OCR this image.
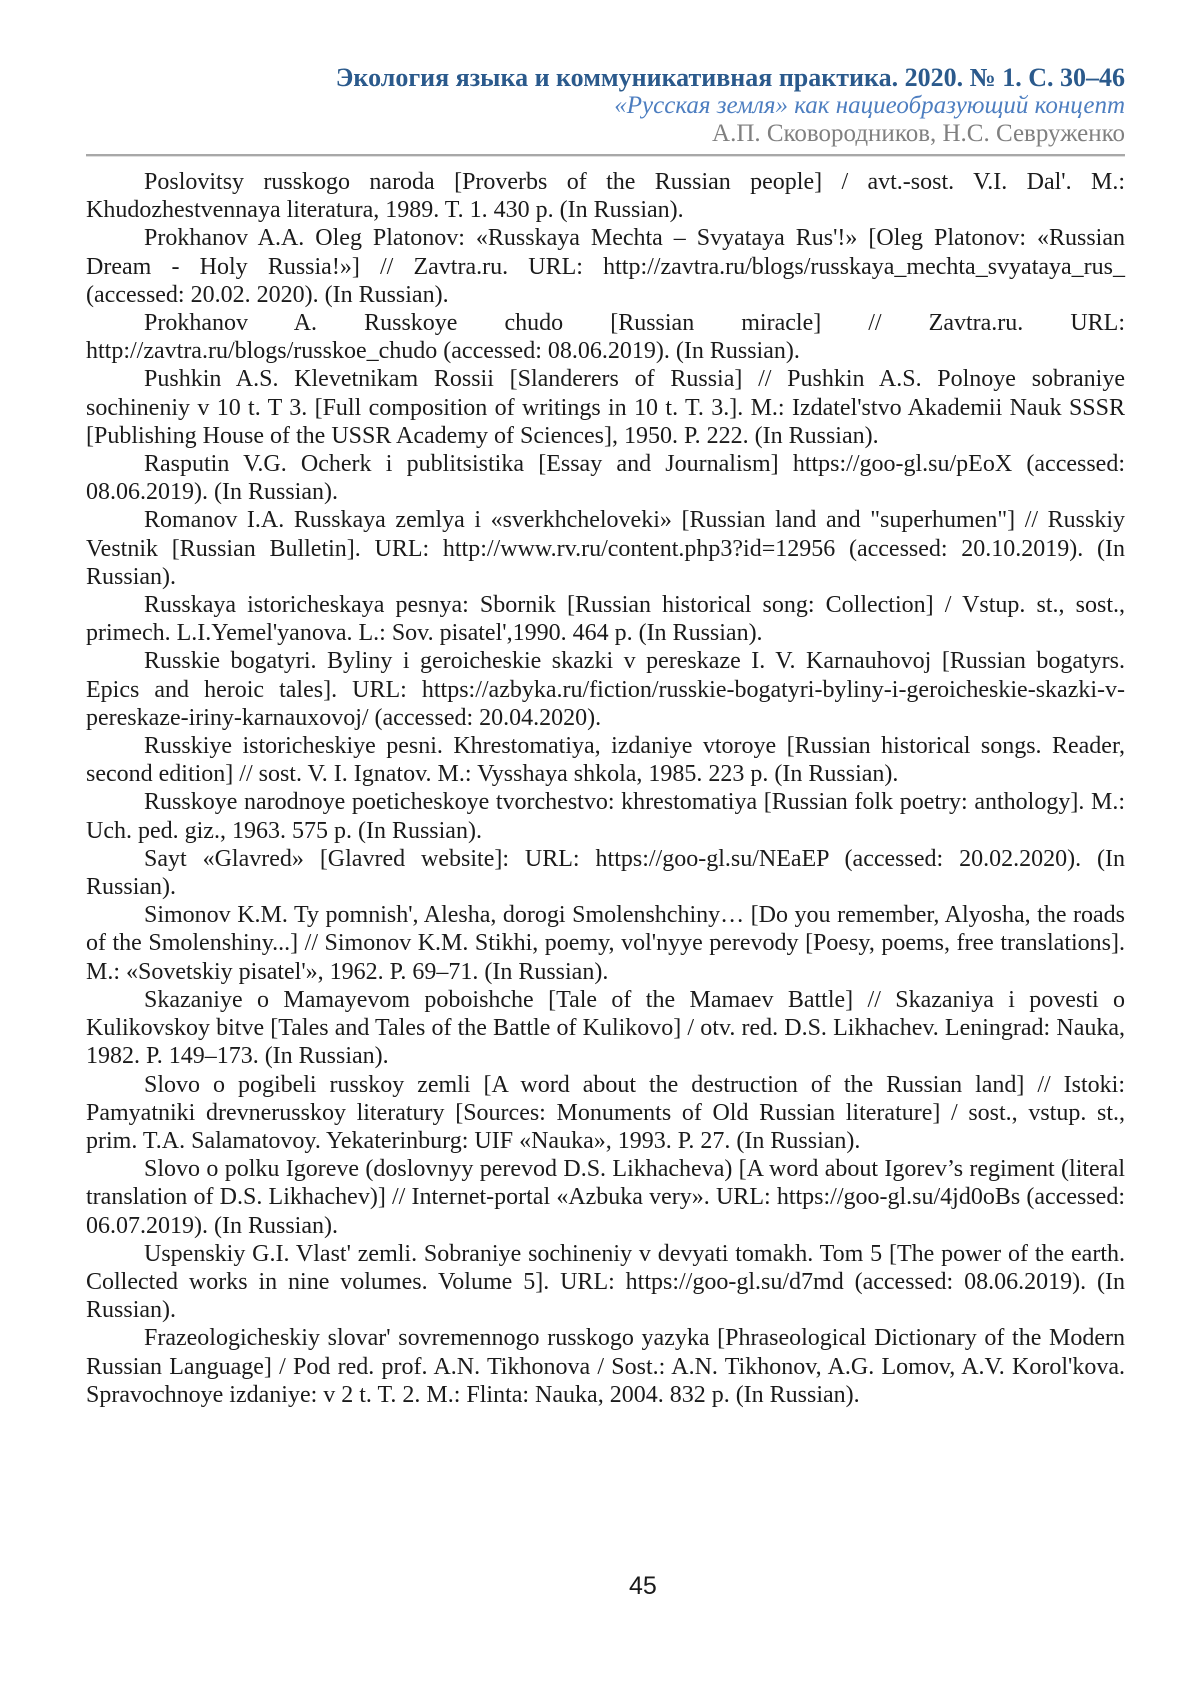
Экология языка и коммуникативная практика. 2020. № 1. С. 30–46
«Русская земля» как нациеобразующий концепт
А.П. Сковородников, Н.С. Севруженко

Poslovitsy russkogo naroda [Proverbs of the Russian people] / avt.-sost. V.I. Dal'. M.: Khudozhestvennaya literatura, 1989. T. 1. 430 p. (In Russian).

Prokhanov A.A. Oleg Platonov: «Russkaya Mechta – Svyataya Rus'!» [Oleg Platonov: «Russian Dream - Holy Russia!»] // Zavtra.ru. URL: http://zavtra.ru/blogs/russkaya_mechta_svyataya_rus_ (accessed: 20.02. 2020). (In Russian).

Prokhanov A. Russkoye chudo [Russian miracle] // Zavtra.ru. URL: http://zavtra.ru/blogs/russkoe_chudo (accessed: 08.06.2019). (In Russian).

Pushkin A.S. Klevetnikam Rossii [Slanderers of Russia] // Pushkin A.S. Polnoye sobraniye sochineniy v 10 t. T 3. [Full composition of writings in 10 t. T. 3.]. M.: Izdatel'stvo Akademii Nauk SSSR [Publishing House of the USSR Academy of Sciences], 1950. P. 222. (In Russian).

Rasputin V.G. Ocherk i publitsistika [Essay and Journalism] https://goo-gl.su/pEoX (accessed: 08.06.2019). (In Russian).

Romanov I.A. Russkaya zemlya i «sverkhcheloveki» [Russian land and "superhumen"] // Russkiy Vestnik [Russian Bulletin]. URL: http://www.rv.ru/content.php3?id=12956 (accessed: 20.10.2019). (In Russian).

Russkaya istoricheskaya pesnya: Sbornik [Russian historical song: Collection] / Vstup. st., sost., primech. L.I.Yemel'yanova. L.: Sov. pisatel',1990. 464 p. (In Russian).

Russkie bogatyri. Byliny i geroicheskie skazki v pereskaze I. V. Karnauhovoj [Russian bogatyrs. Epics and heroic tales]. URL: https://azbyka.ru/fiction/russkie-bogatyri-byliny-i-geroicheskie-skazki-v-pereskaze-iriny-karnauxovoj/ (accessed: 20.04.2020).

Russkiye istoricheskiye pesni. Khrestomatiya, izdaniye vtoroye [Russian historical songs. Reader, second edition] // sost. V. I. Ignatov. M.: Vysshaya shkola, 1985. 223 p. (In Russian).

Russkoye narodnoye poeticheskoye tvorchestvo: khrestomatiya [Russian folk poetry: anthology]. M.: Uch. ped. giz., 1963. 575 p. (In Russian).

Sayt «Glavred» [Glavred website]: URL: https://goo-gl.su/NEaEP (accessed: 20.02.2020). (In Russian).

Simonov K.M. Ty pomnish', Alesha, dorogi Smolenshchiny… [Do you remember, Alyosha, the roads of the Smolenshiny...] // Simonov K.M. Stikhi, poemy, vol'nyye perevody [Poesy, poems, free translations]. M.: «Sovetskiy pisatel'», 1962. P. 69–71. (In Russian).

Skazaniye o Mamayevom poboishche [Tale of the Mamaev Battle] // Skazaniya i povesti o Kulikovskoy bitve [Tales and Tales of the Battle of Kulikovo] / otv. red. D.S. Likhachev. Leningrad: Nauka, 1982. P. 149–173. (In Russian).

Slovo o pogibeli russkoy zemli [A word about the destruction of the Russian land] // Istoki: Pamyatniki drevnerusskoy literatury [Sources: Monuments of Old Russian literature] / sost., vstup. st., prim. T.A. Salamatovoy. Yekaterinburg: UIF «Nauka», 1993. P. 27. (In Russian).

Slovo o polku Igoreve (doslovnyy perevod D.S. Likhacheva) [A word about Igorev’s regiment (literal translation of D.S. Likhachev)] // Internet-portal «Azbuka very». URL: https://goo-gl.su/4jd0oBs (accessed: 06.07.2019). (In Russian).

Uspenskiy G.I. Vlast' zemli. Sobraniye sochineniy v devyati tomakh. Tom 5 [The power of the earth. Collected works in nine volumes. Volume 5]. URL: https://goo-gl.su/d7md (accessed: 08.06.2019). (In Russian).

Frazeologicheskiy slovar' sovremennogo russkogo yazyka [Phraseological Dictionary of the Modern Russian Language] / Pod red. prof. A.N. Tikhonova / Sost.: A.N. Tikhonov, A.G. Lomov, A.V. Korol'kova. Spravochnoye izdaniye: v 2 t. T. 2. M.: Flinta: Nauka, 2004. 832 p. (In Russian).

45
